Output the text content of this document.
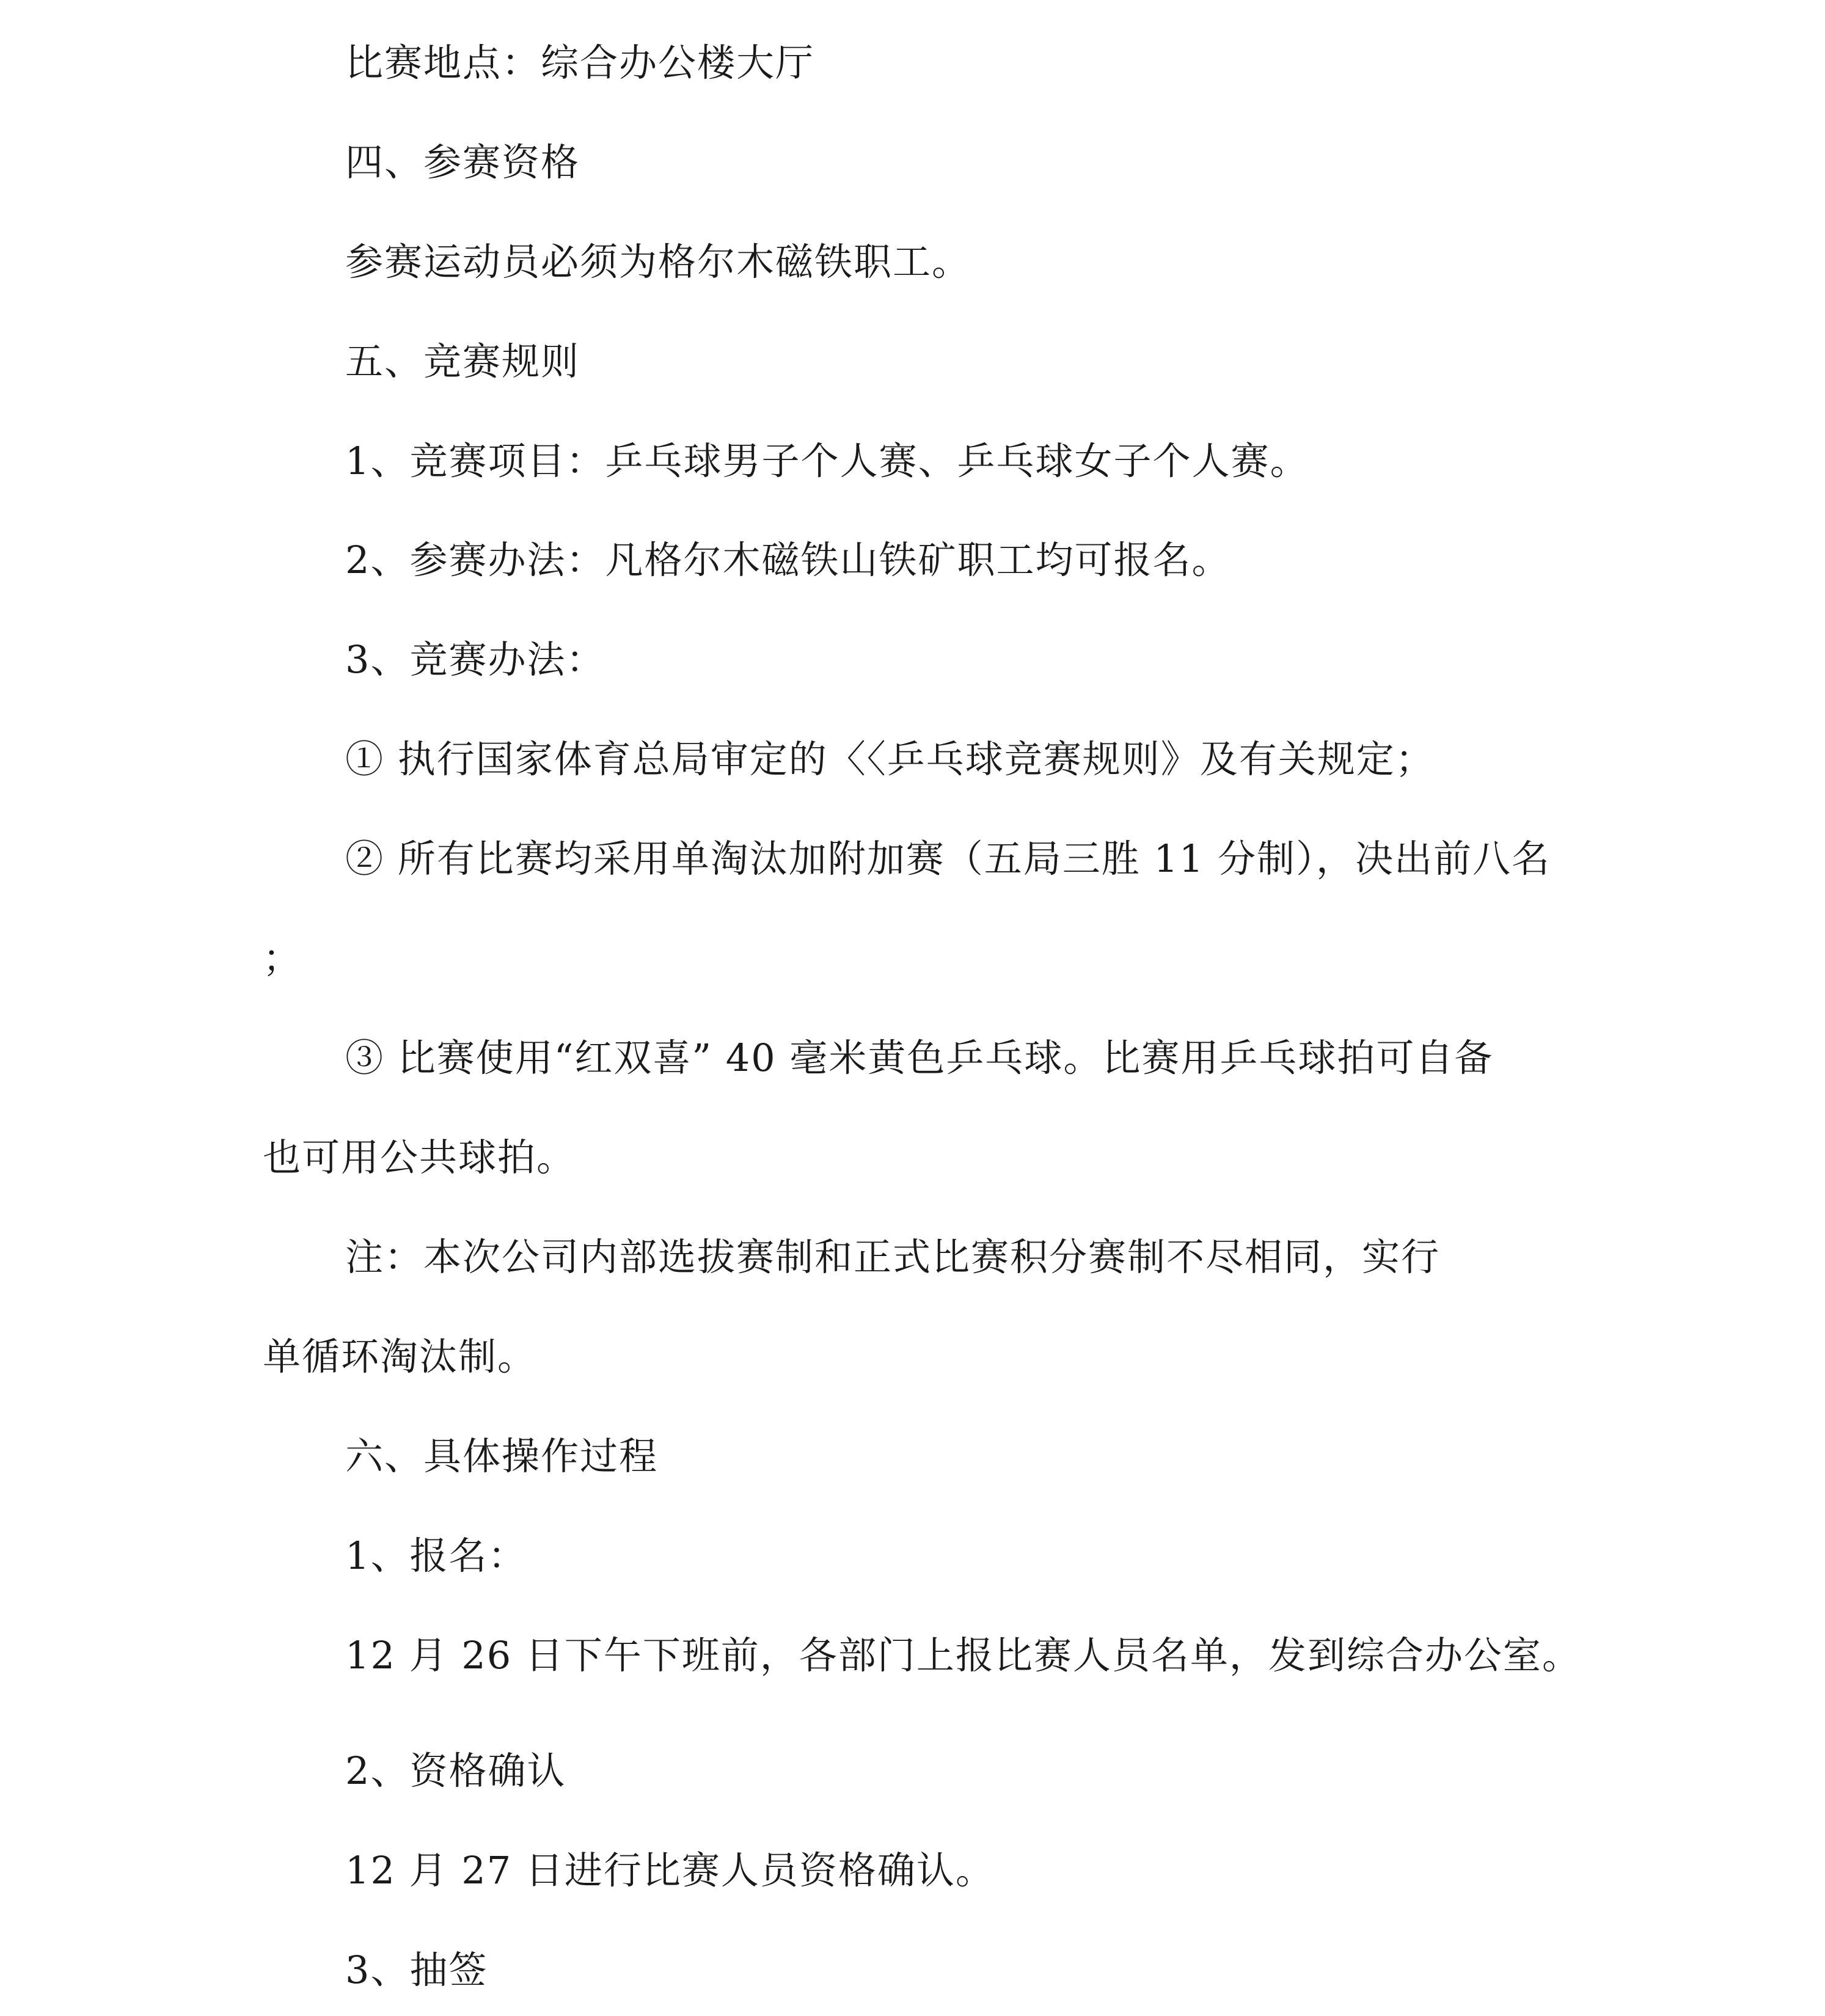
比赛地点：综合办公楼大厅
四、参赛资格
参赛运动员必须为格尔木磁铁职工。
五、竞赛规则
1、竞赛项目：乒乓球男子个人赛、乒乓球女子个人赛。
2、参赛办法：凡格尔木磁铁山铁矿职工均可报名。
3、竞赛办法：
① 执行国家体育总局审定的〈〈乒乓球竞赛规则》及有关规定；
② 所有比赛均采用单淘汰加附加赛（五局三胜 11 分制），决出前八名
；
③ 比赛使用“红双喜” 40 毫米黄色乒乓球。比赛用乒乓球拍可自备
也可用公共球拍。
注：本次公司内部选拔赛制和正式比赛积分赛制不尽相同，实行
单循环淘汰制。
六、具体操作过程
1、报名：
12 月 26 日下午下班前，各部门上报比赛人员名单，发到综合办公室。
2、资格确认
12 月 27 日进行比赛人员资格确认。
3、抽签
